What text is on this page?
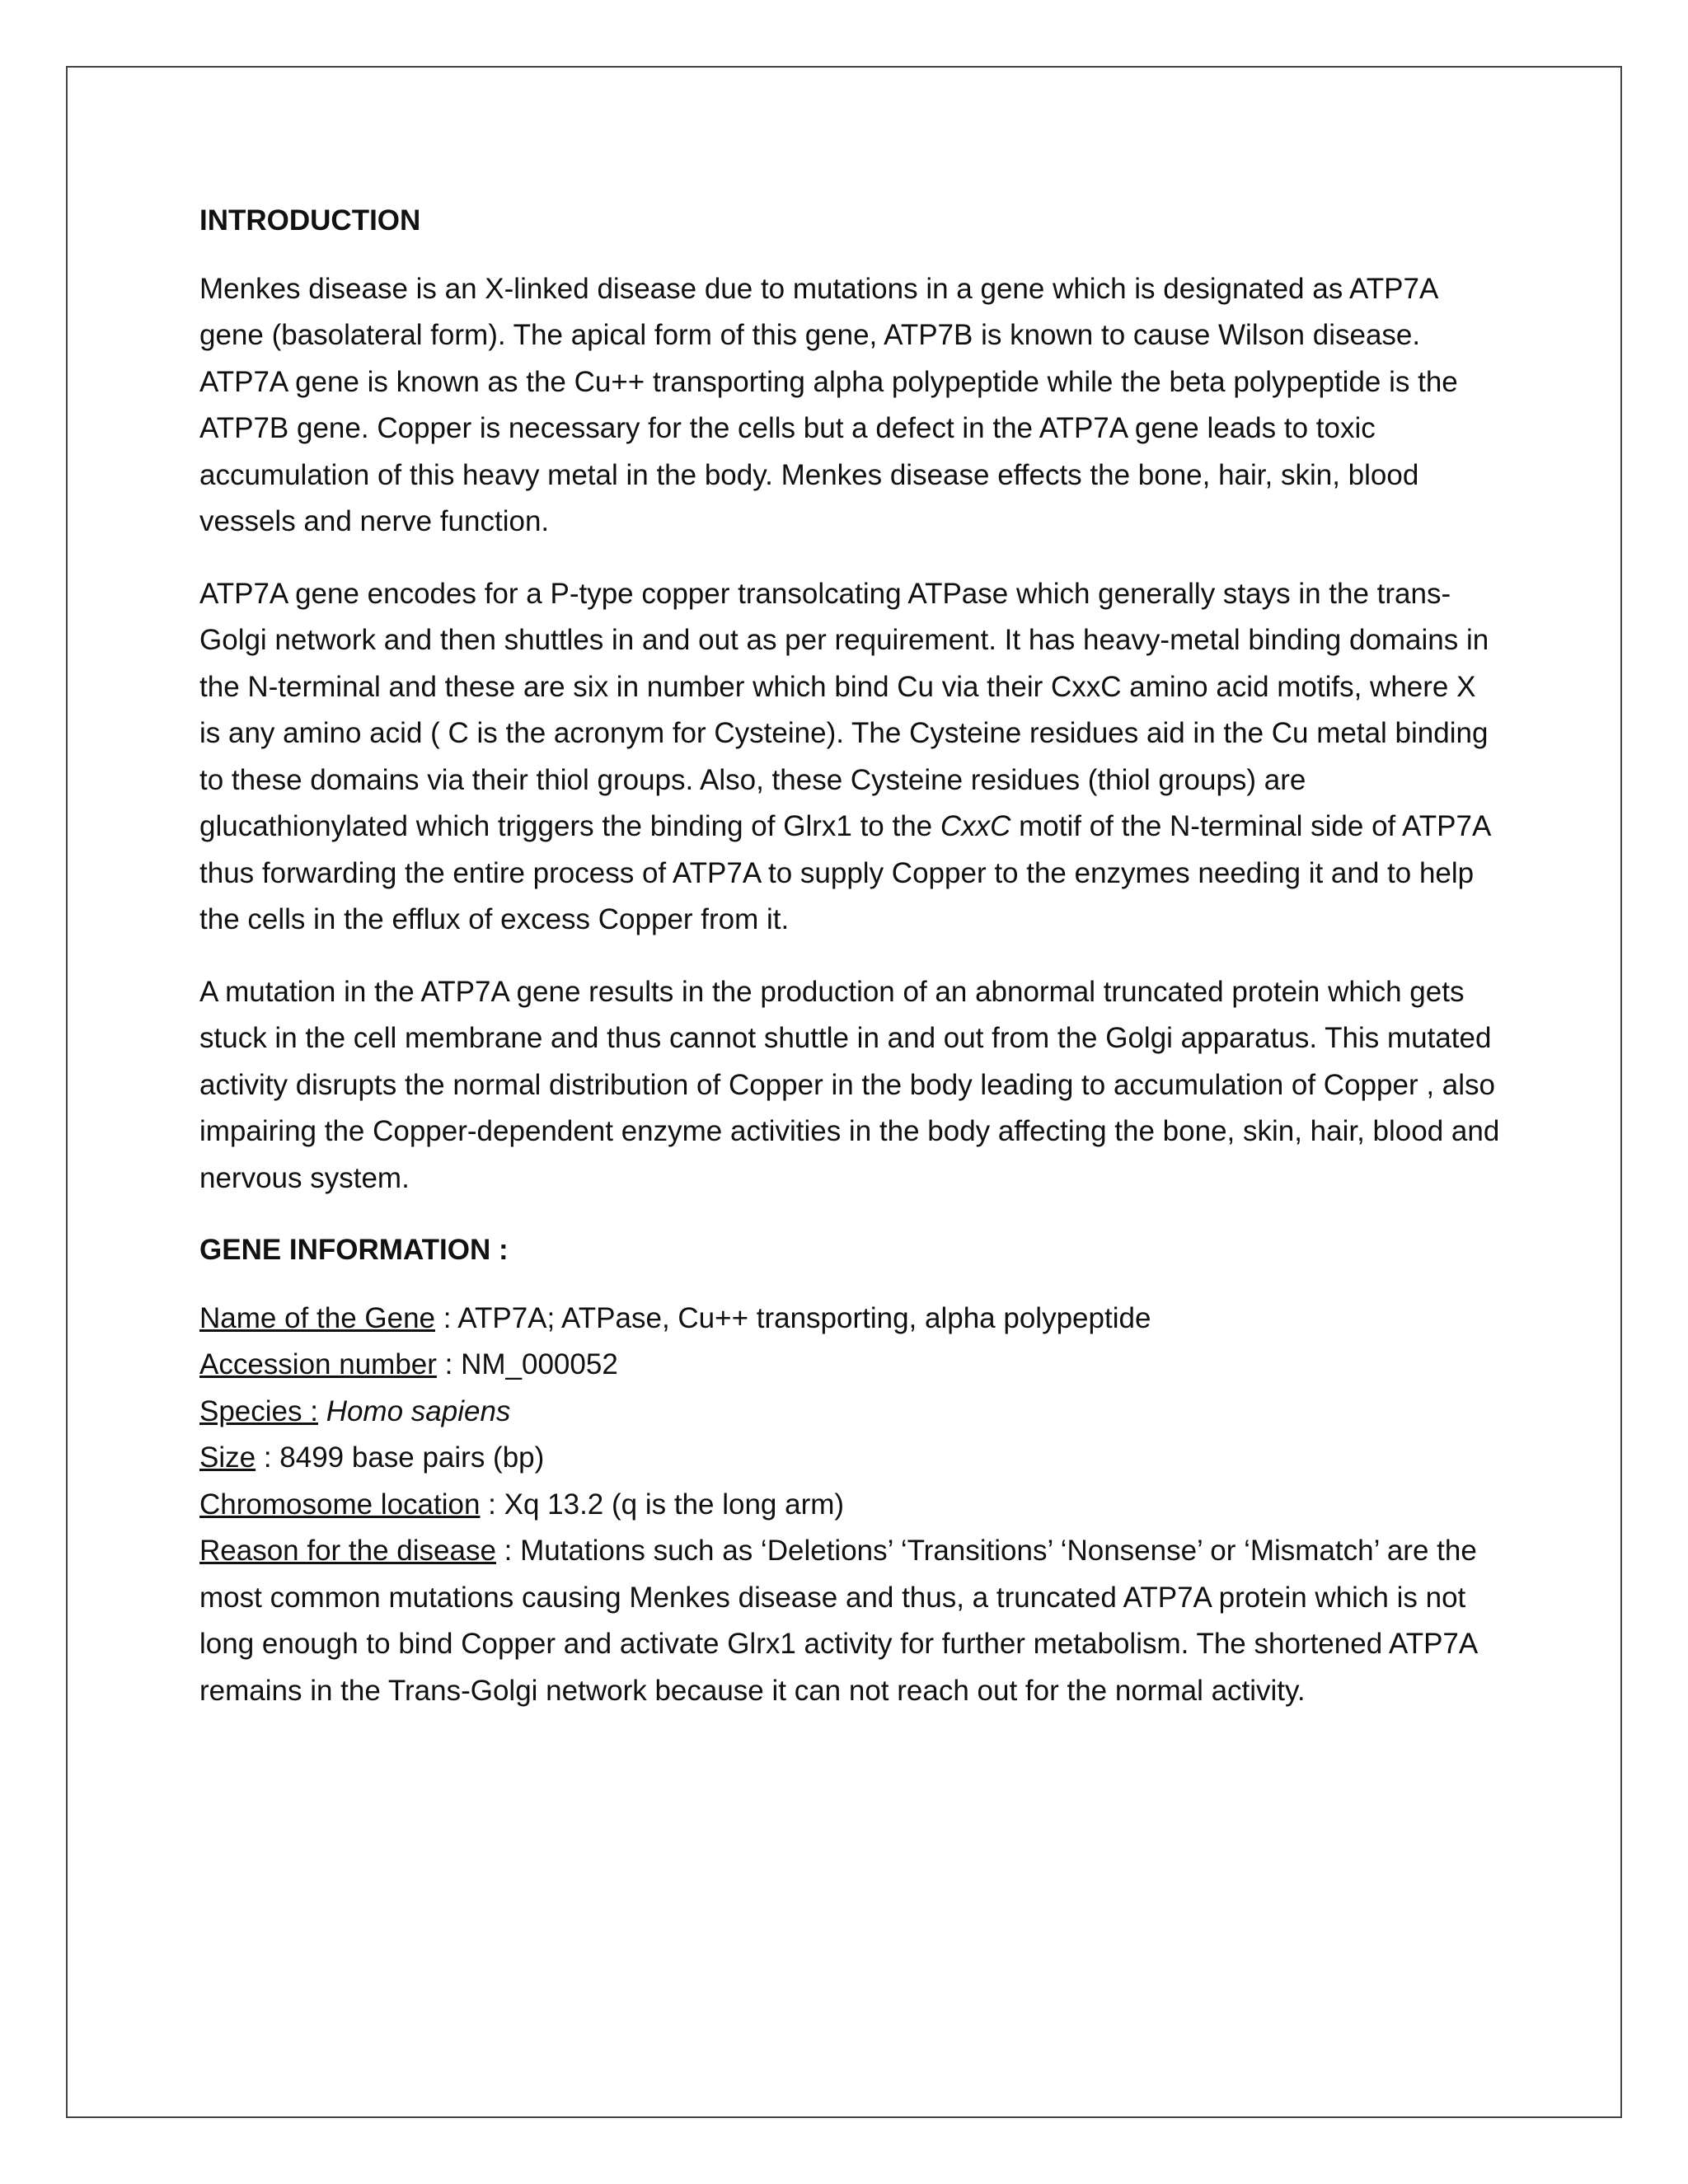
INTRODUCTION

Menkes disease is an X-linked disease due to mutations in a gene which is designated as ATP7A gene (basolateral form). The apical form of this gene, ATP7B is known to cause Wilson disease. ATP7A gene is known as the Cu++ transporting alpha polypeptide while the beta polypeptide is the ATP7B gene. Copper is necessary for the cells but a defect in the ATP7A gene leads to toxic accumulation of this heavy metal in the body. Menkes disease effects the bone, hair, skin, blood vessels and nerve function.

ATP7A gene encodes for a P-type copper transolcating ATPase which generally stays in the trans-Golgi network and then shuttles in and out as per requirement. It has heavy-metal binding domains in the N-terminal and these are six in number which bind Cu via their CxxC amino acid motifs, where X is any amino acid ( C is the acronym for Cysteine). The Cysteine residues aid in the Cu metal binding to these domains via their thiol groups. Also, these Cysteine residues (thiol groups) are glucathionylated which triggers the binding of Glrx1 to the CxxC motif of the N-terminal side of ATP7A thus forwarding the entire process of ATP7A to supply Copper to the enzymes needing it and to help the cells in the efflux of excess Copper from it.

A mutation in the ATP7A gene results in the production of an abnormal truncated protein which gets stuck in the cell membrane and thus cannot shuttle in and out from the Golgi apparatus. This mutated activity disrupts the normal distribution of Copper in the body leading to accumulation of Copper , also impairing the Copper-dependent enzyme activities in the body affecting the bone, skin, hair, blood and nervous system.

GENE INFORMATION :

Name of the Gene : ATP7A; ATPase, Cu++ transporting, alpha polypeptide

Accession number : NM_000052

Species : Homo sapiens

Size : 8499 base pairs (bp)

Chromosome location : Xq 13.2 (q is the long arm)

Reason for the disease : Mutations such as ‘Deletions’ ‘Transitions’ ‘Nonsense’ or ‘Mismatch’ are the most common mutations causing Menkes disease and thus, a truncated ATP7A protein which is not long enough to bind Copper and activate Glrx1 activity for further metabolism. The shortened ATP7A remains in the Trans-Golgi network because it can not reach out for the normal activity.
